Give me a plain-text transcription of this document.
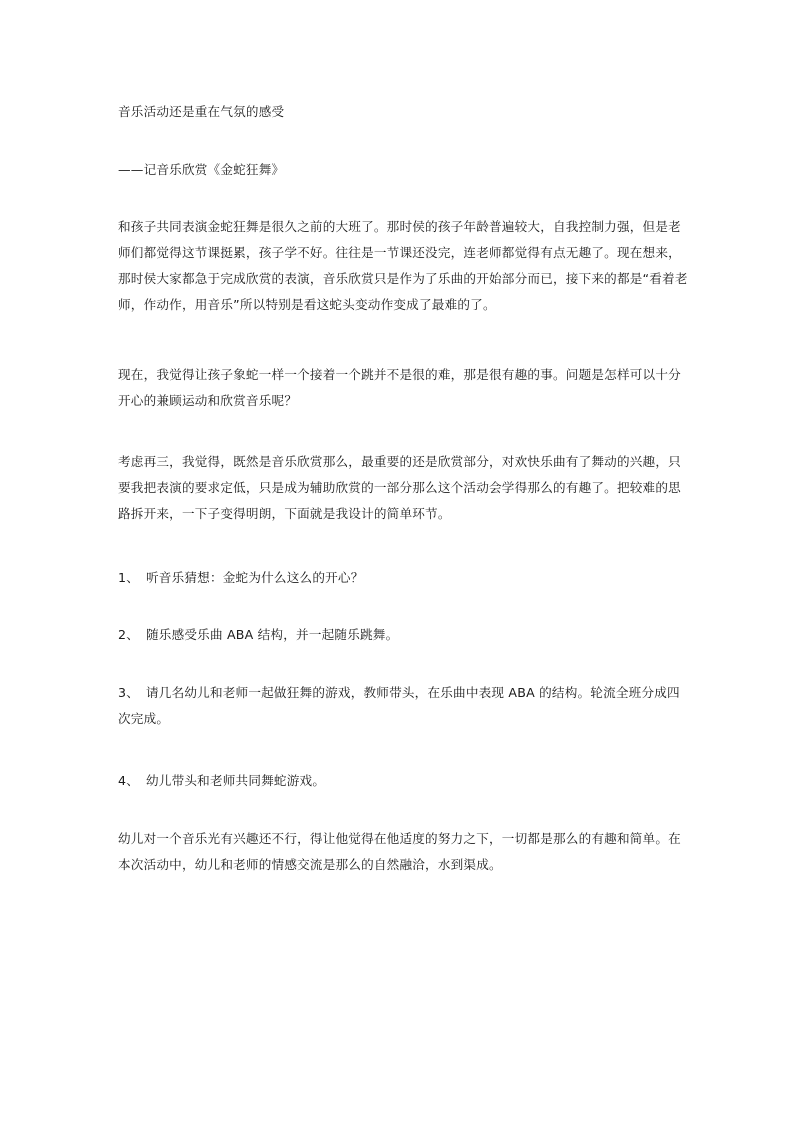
音乐活动还是重在气氛的感受
——记音乐欣赏《金蛇狂舞》
和孩子共同表演金蛇狂舞是很久之前的大班了。那时侯的孩子年龄普遍较大，自我控制力强，但是老师们都觉得这节课挺累，孩子学不好。往往是一节课还没完，连老师都觉得有点无趣了。现在想来，那时侯大家都急于完成欣赏的表演，音乐欣赏只是作为了乐曲的开始部分而已，接下来的都是“看着老师，作动作，用音乐”所以特别是看这蛇头变动作变成了最难的了。
现在，我觉得让孩子象蛇一样一个接着一个跳并不是很的难，那是很有趣的事。问题是怎样可以十分开心的兼顾运动和欣赏音乐呢？
考虑再三，我觉得，既然是音乐欣赏那么，最重要的还是欣赏部分，对欢快乐曲有了舞动的兴趣，只要我把表演的要求定低，只是成为辅助欣赏的一部分那么这个活动会学得那么的有趣了。把较难的思路拆开来，一下子变得明朗，下面就是我设计的简单环节。
1、 听音乐猜想：金蛇为什么这么的开心？
2、 随乐感受乐曲 ABA 结构，并一起随乐跳舞。
3、 请几名幼儿和老师一起做狂舞的游戏，教师带头，在乐曲中表现 ABA 的结构。轮流全班分成四次完成。
4、 幼儿带头和老师共同舞蛇游戏。
幼儿对一个音乐光有兴趣还不行，得让他觉得在他适度的努力之下，一切都是那么的有趣和简单。在本次活动中，幼儿和老师的情感交流是那么的自然融洽，水到渠成。
